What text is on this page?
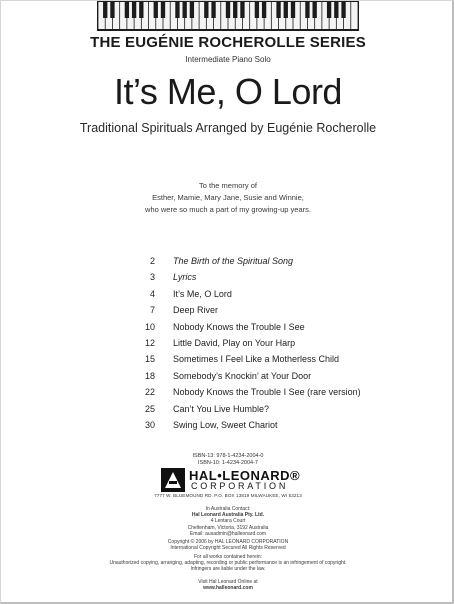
THE EUGÉNIE ROCHEROLLE SERIES
Intermediate Piano Solo
It’s Me, O Lord
Traditional Spirituals Arranged by Eugénie Rocherolle
To the memory of
Esther, Mamie, Mary Jane, Susie and Winnie,
who were so much a part of my growing-up years.
2 The Birth of the Spiritual Song
3 Lyrics
4 It’s Me, O Lord
7 Deep River
10 Nobody Knows the Trouble I See
12 Little David, Play on Your Harp
15 Sometimes I Feel Like a Motherless Child
18 Somebody’s Knockin’ at Your Door
22 Nobody Knows the Trouble I See (rare version)
25 Can’t You Live Humble?
30 Swing Low, Sweet Chariot
ISBN-13: 978-1-4234-2004-0
ISBN-10: 1-4234-2004-7
HAL•LEONARD®
CORPORATION
7777 W. BLUEMOUND RD. P.O. BOX 13819 MILWAUKEE, WI 53213
In Australia Contact:
Hal Leonard Australia Pty. Ltd.
4 Lentara Court
Cheltenham, Victoria, 3192 Australia
Email: ausadmin@halleonard.com
Copyright © 2006 by HAL LEONARD CORPORATION
International Copyright Secured All Rights Reserved
For all works contained herein:
Unauthorized copying, arranging, adapting, recording or public performance is an infringement of copyright.
Infringers are liable under the law.
Visit Hal Leonard Online at
www.halleonard.com
